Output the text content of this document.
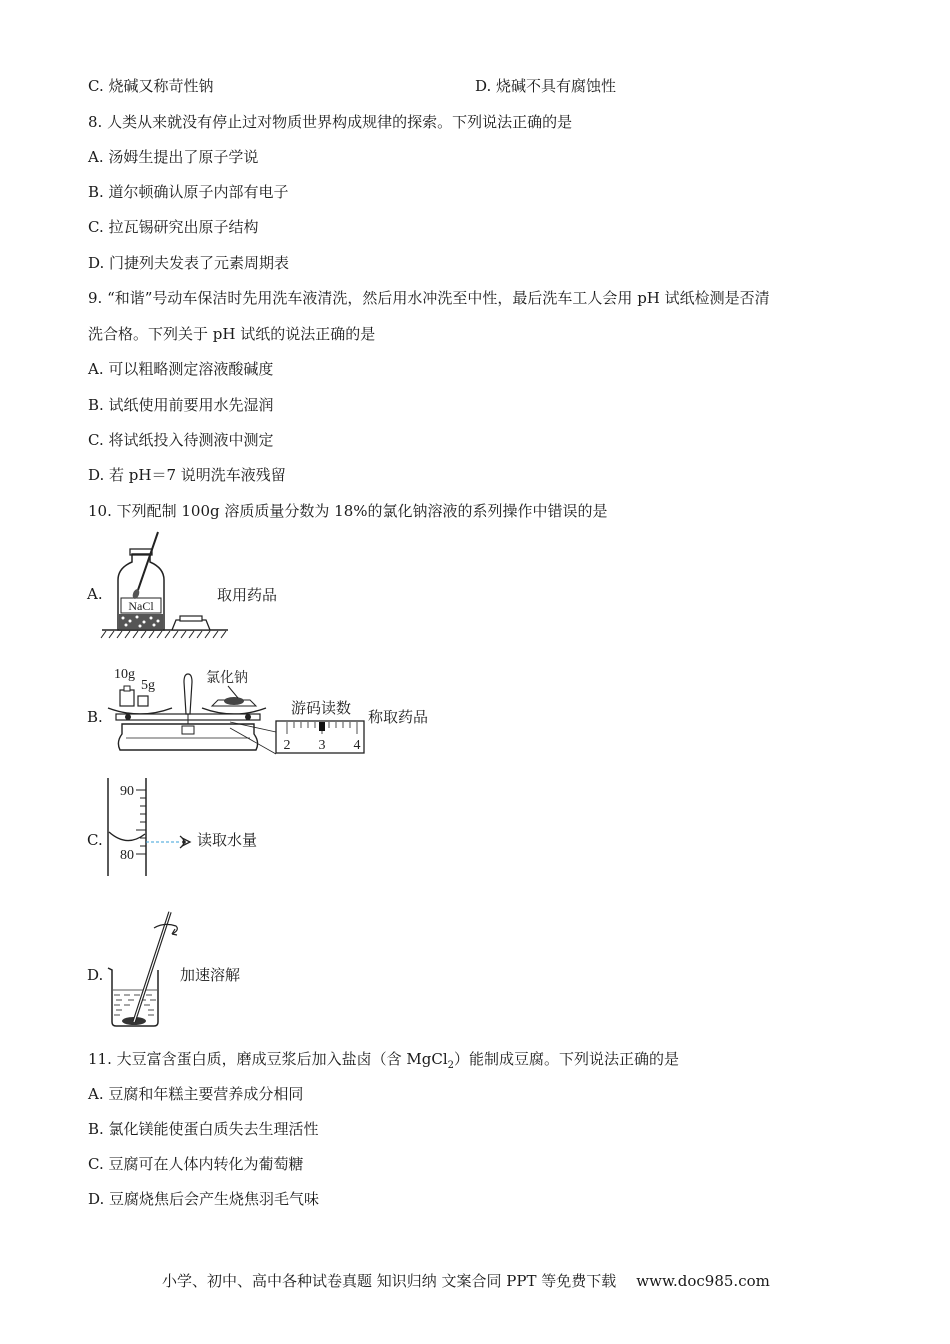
C. 烧碱又称苛性钠	D. 烧碱不具有腐蚀性
8. 人类从来就没有停止过对物质世界构成规律的探索。下列说法正确的是
A. 汤姆生提出了原子学说
B. 道尔顿确认原子内部有电子
C. 拉瓦锡研究出原子结构
D. 门捷列夫发表了元素周期表
9. “和谐”号动车保洁时先用洗车液清洗，然后用水冲洗至中性，最后洗车工人会用 pH 试纸检测是否清
洗合格。下列关于 pH 试纸的说法正确的是
A. 可以粗略测定溶液酸碱度
B. 试纸使用前要用水先湿润
C. 将试纸投入待测液中测定
D. 若 pH＝7 说明洗车液残留
10. 下列配制 100g 溶质质量分数为 18%的氯化钠溶液的系列操作中错误的是
A.
NaCl
取用药品
B.
10g
5g	氯化钠
游码读数
2 3 4
称取药品
C.
90
80
读取水量
D.	加速溶解
11. 大豆富含蛋白质，磨成豆浆后加入盐卤（含 MgCl$_2$）能制成豆腐。下列说法正确的是
A. 豆腐和年糕主要营养成分相同
B. 氯化镁能使蛋白质失去生理活性
C. 豆腐可在人体内转化为葡萄糖
D. 豆腐烧焦后会产生烧焦羽毛气味
小学、初中、高中各种试卷真题 知识归纳 文案合同 PPT 等免费下载 www.doc985.com
